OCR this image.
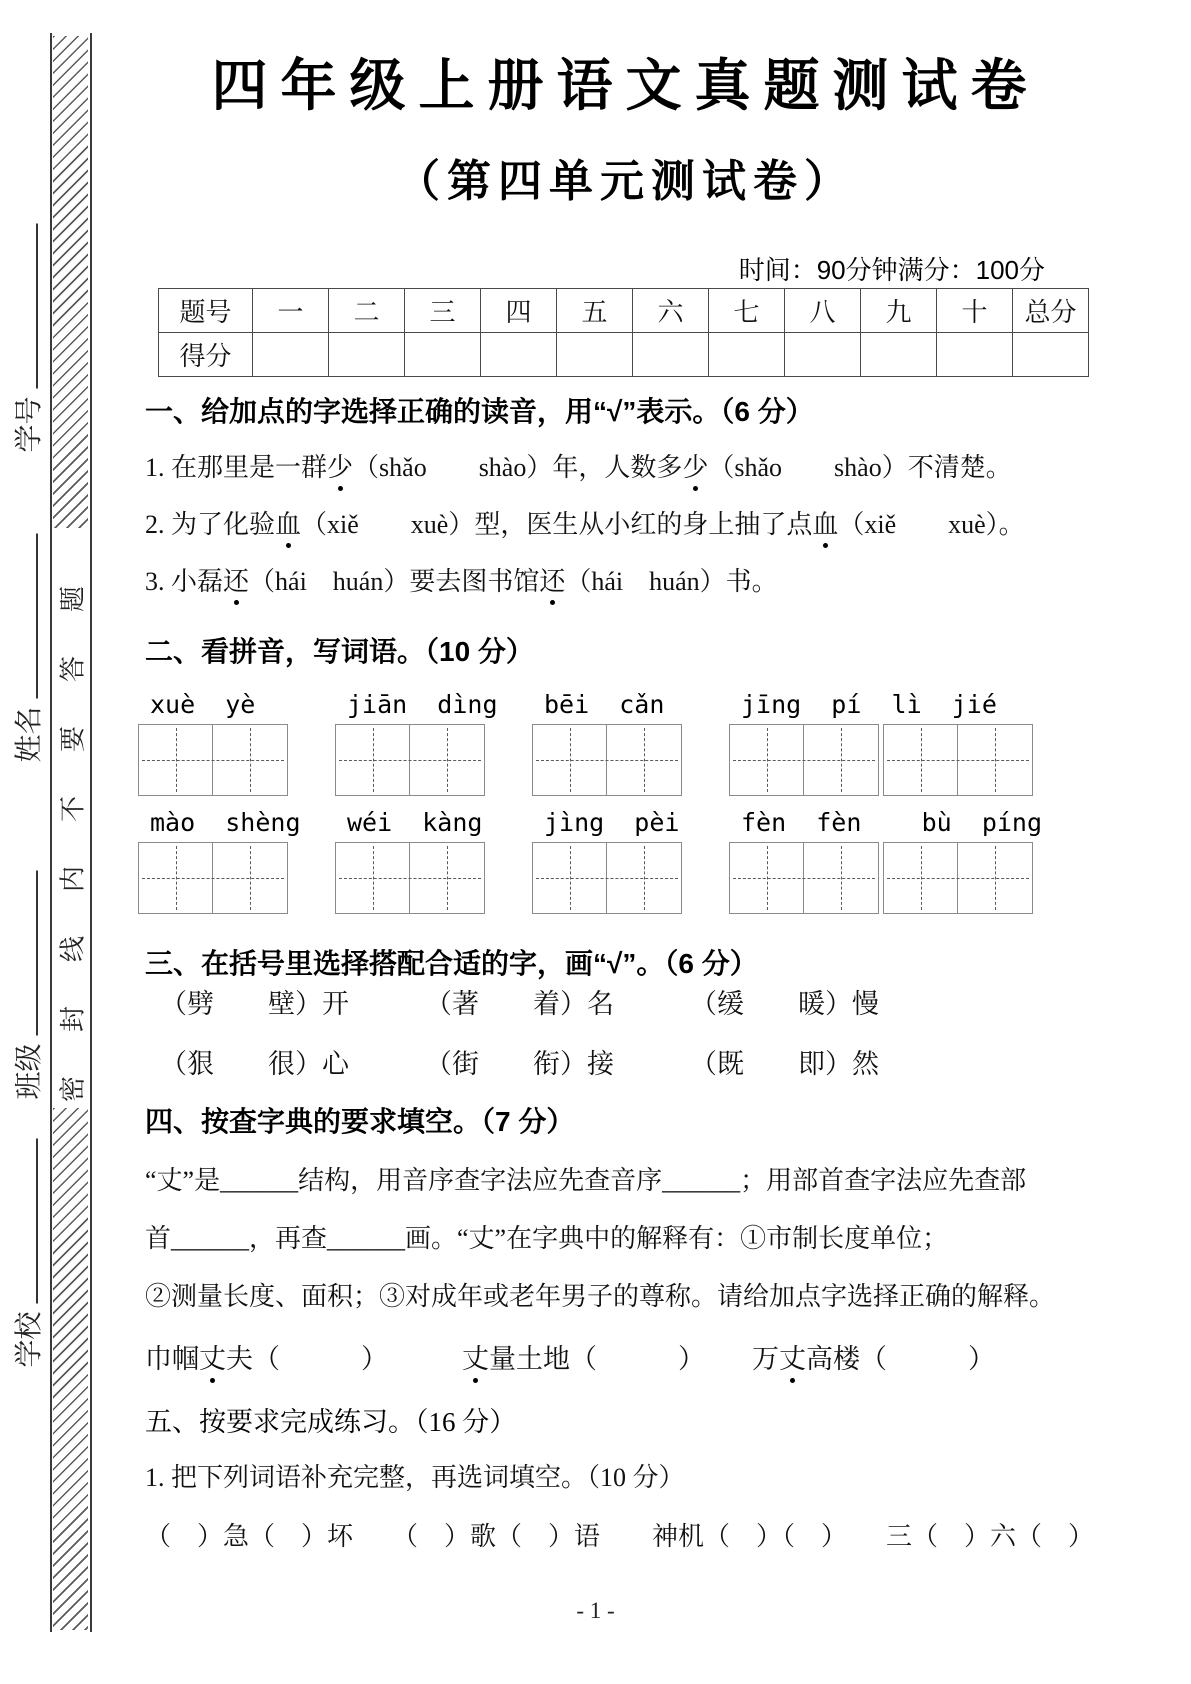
密封线内不要答题
学号
姓名
班级
学校
四年级上册语文真题测试卷
（第四单元测试卷）
时间：90分钟满分：100分
题号	一	二	三	四	五	六	七	八	九	十	总分
得分											
一、给加点的字选择正确的读音，用“√”表示。（6 分）
1. 在那里是一群少（shǎo　　shào）年，人数多少（shǎo　　shào）不清楚。
2. 为了化验血（xiě　　xuè）型，医生从小红的身上抽了点血（xiě　　xuè）。
3. 小磊还（hái　huán）要去图书馆还（hái　huán）书。
二、看拼音，写词语。（10 分）
xuè  yè	jiān  dìng	bēi  cǎn	jīng  pí  lì  jié
mào  shèng	wéi  kàng	jìng  pèi	fèn  fèn    bù  píng
三、在括号里选择搭配合适的字，画“√”。（6 分）
（劈　　壁）开	（著　　着）名	（缓　　暖）慢
（狠　　很）心	（街　　衔）接	（既　　即）然
四、按查字典的要求填空。（7 分）
“丈”是______结构，用音序查字法应先查音序______；用部首查字法应先查部
首______，再查______画。“丈”在字典中的解释有：①市制长度单位；
②测量长度、面积；③对成年或老年男子的尊称。请给加点字选择正确的解释。
巾帼丈夫（　　　）	丈量土地（　　　） 万丈高楼（　　　）
五、按要求完成练习。（16 分）
1. 把下列词语补充完整，再选词填空。（10 分）
（　）急（　）坏　　（　）歌（　）语　　神机（　）（　）　　三（　）六（　）
- 1 -
